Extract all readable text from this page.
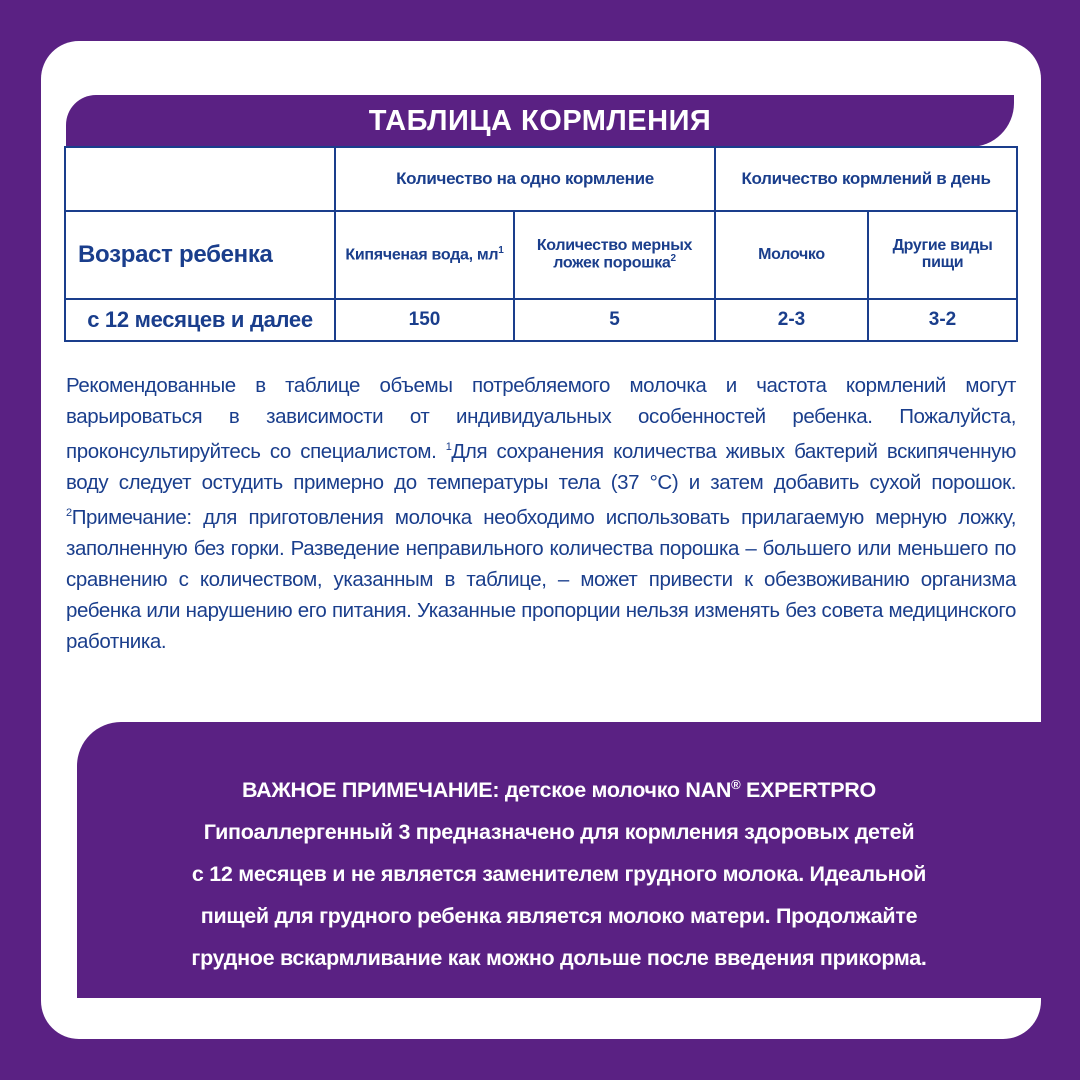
ТАБЛИЦА КОРМЛЕНИЯ
	Количество на одно кормление		Количество кормлений в день	
Возраст ребенка	Кипяченая вода, $мл^1$	Количество мерных ложек порошка$^2$	Молочко	Другие виды пищи
с 12 месяцев и далее	150	5	2-3	3-2
Рекомендованные в таблице объемы потребляемого молочка и частота кормлений могут варьироваться в зависимости от индивидуальных особенностей ребенка. Пожалуйста, проконсультируйтесь со специалистом. $^1$Для сохранения количества живых бактерий вскипяченную воду следует остудить примерно до температуры тела (37 °C) и затем добавить сухой порошок. $^2$Примечание: для приготовления молочка необходимо использовать прилагаемую мерную ложку, заполненную без горки. Разведение неправильного количества порошка – большего или меньшего по сравнению с количеством, указанным в таблице, – может привести к обезвоживанию организма ребенка или нарушению его питания. Указанные пропорции нельзя изменять без совета медицинского работника.
ВАЖНОЕ ПРИМЕЧАНИЕ: детское молочко NAN® EXPERTPRO
Гипоаллергенный 3 предназначено для кормления здоровых детей
с 12 месяцев и не является заменителем грудного молока. Идеальной
пищей для грудного ребенка является молоко матери. Продолжайте
грудное вскармливание как можно дольше после введения прикорма.
